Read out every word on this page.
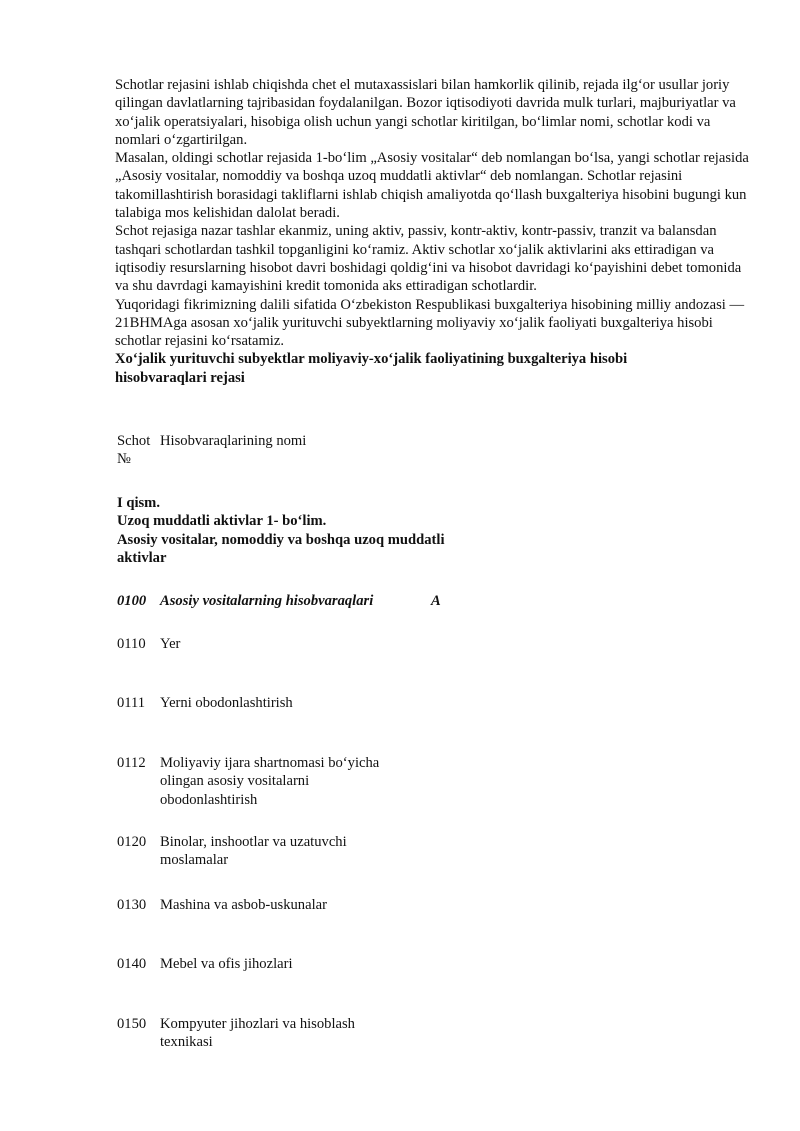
Schotlar rejasini ishlab chiqishda chet el mutaxassislari bilan hamkorlik qilinib, rejada ilgʻor usullar joriy qilingan davlatlarning tajribasidan foydalanilgan. Bozor iqtisodiyoti davrida mulk turlari, majburiyatlar va xoʻjalik operatsiyalari, hisobiga olish uchun yangi schotlar kiritilgan, boʻlimlar nomi, schotlar kodi va nomlari oʻzgartirilgan.

Masalan, oldingi schotlar rejasida 1-boʻlim „Asosiy vositalar“ deb nomlangan boʻlsa, yangi schotlar rejasida „Asosiy vositalar, nomoddiy va boshqa uzoq muddatli aktivlar“ deb nomlangan. Schotlar rejasini takomillashtirish borasidagi takliflarni ishlab chiqish amaliyotda qoʻllash buxgalteriya hisobini bugungi kun talabiga mos kelishidan dalolat beradi.

Schot rejasiga nazar tashlar ekanmiz, uning aktiv, passiv, kontr-aktiv, kontr-passiv, tranzit va balansdan tashqari schotlardan tashkil topganligini koʻramiz. Aktiv schotlar xoʻjalik aktivlarini aks ettiradigan va iqtisodiy resurslarning hisobot davri boshidagi qoldigʻini va hisobot davridagi koʻpayishini debet tomonida va shu davrdagi kamayishini kredit tomonida aks ettiradigan schotlardir.

Yuqoridagi fikrimizning dalili sifatida Oʻzbekiston Respublikasi buxgalteriya hisobining milliy andozasi — 21BHMAga asosan xoʻjalik yurituvchi subyektlarning moliyaviy xoʻjalik faoliyati buxgalteriya hisobi schotlar rejasini koʻrsatamiz.

Xoʻjalik yurituvchi subyektlar moliyaviy-xoʻjalik faoliyatining buxgalteriya hisobi hisobvaraqlari rejasi

Schot №
Hisobvaraqlarining nomi
I qism.
Uzoq muddatli aktivlar 1- boʻlim.
Asosiy vositalar, nomoddiy va boshqa uzoq muddatli aktivlar
0100 Asosiy vositalarning hisobvaraqlari	A
0110 Yer
0111	Yerni obodonlashtirish
0112 Moliyaviy ijara shartnomasi boʻyicha olingan asosiy vositalarni obodonlashtirish
0120 Binolar, inshootlar va uzatuvchi moslamalar
0130 Mashina va asbob-uskunalar
0140 Mebel va ofis jihozlari
0150 Kompyuter jihozlari va hisoblash texnikasi
